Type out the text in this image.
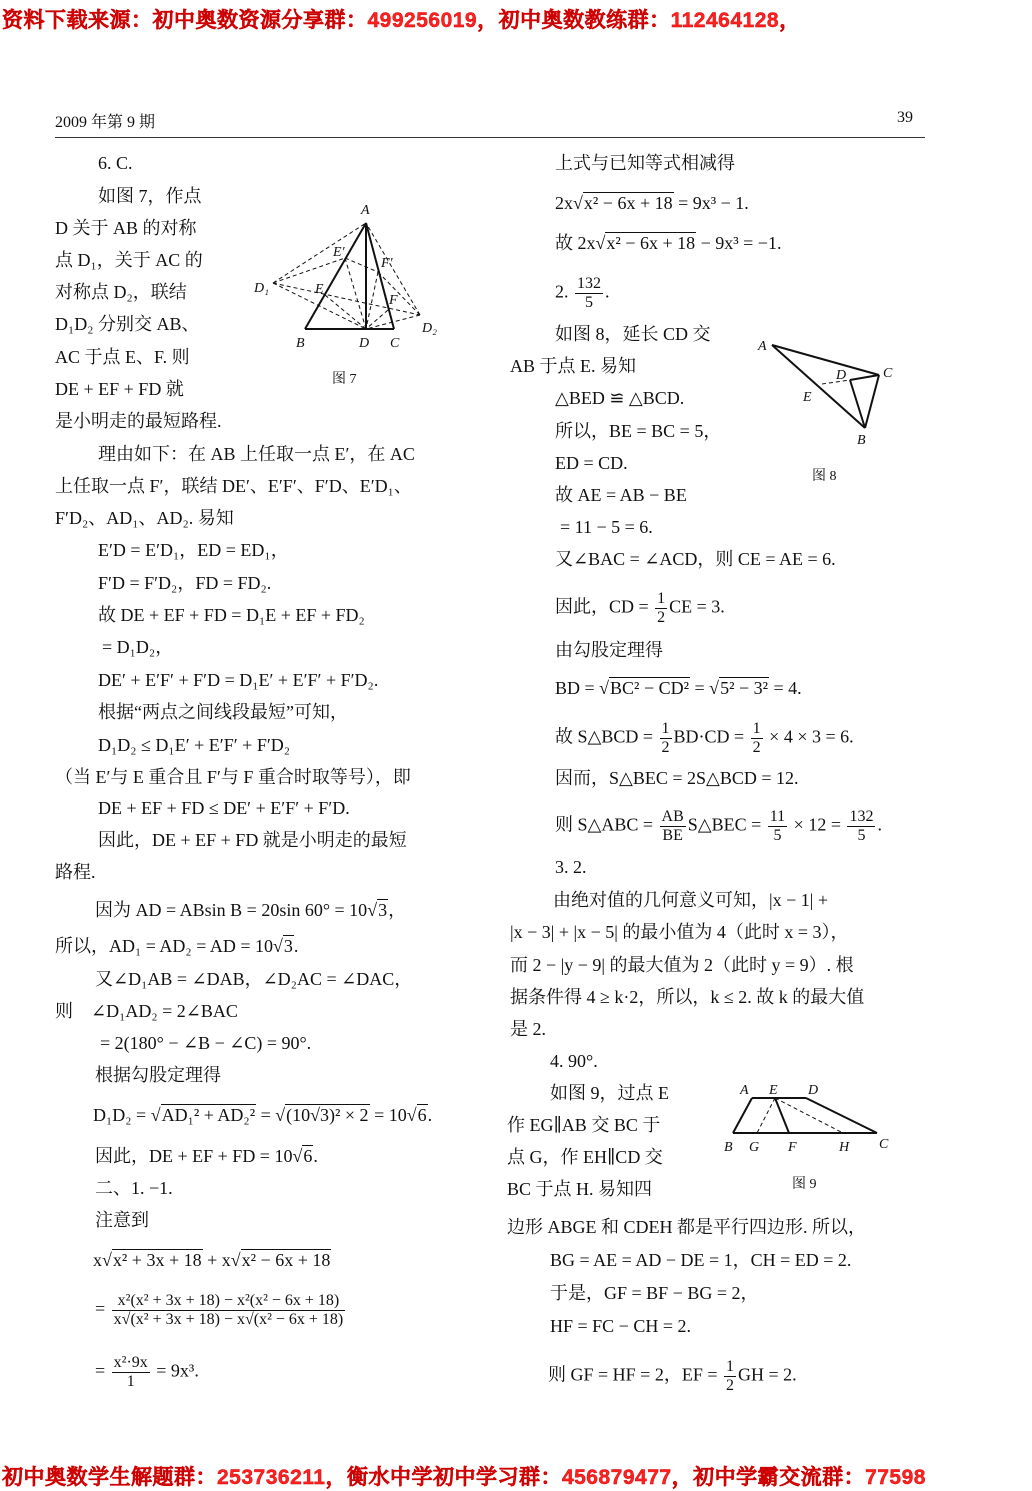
资料下载来源：初中奥数资源分享群：499256019，初中奥数教练群：112464128，
初中奥数学生解题群：253736211，衡水中学初中学习群：456879477，初中学霸交流群：77598
2009 年第 9 期	39
6. C.
如图 7，作点
D 关于 AB 的对称
点 D₁，关于 AC 的
对称点 D₂，联结
D₁D₂ 分别交 AB、
AC 于点 E、F. 则
DE + EF + FD 就
是小明走的最短路程.
理由如下：在 AB 上任取一点 E′，在 AC
上任取一点 F′，联结 DE′、E′F′、F′D、E′D₁、
F′D₂、AD₁、AD₂. 易知
E′D = E′D₁，ED = ED₁，
F′D = F′D₂，FD = FD₂.
故 DE + EF + FD = D₁E + EF + FD₂
= D₁D₂，
DE′ + E′F′ + F′D = D₁E′ + E′F′ + F′D₂.
根据“两点之间线段最短”可知，
D₁D₂ ≤ D₁E′ + E′F′ + F′D₂
（当 E′与 E 重合且 F′与 F 重合时取等号），即
DE + EF + FD ≤ DE′ + E′F′ + F′D.
因此，DE + EF + FD 就是小明走的最短
路程.
因为 AD = ABsin B = 20sin 60° = 10√3，
所以，AD₁ = AD₂ = AD = 10√3.
又∠D₁AB = ∠DAB，∠D₂AC = ∠DAC，
则　∠D₁AD₂ = 2∠BAC
= 2(180° − ∠B − ∠C) = 90°.
根据勾股定理得
D₁D₂ = √AD₁² + AD₂² = √(10√3)² × 2 = 10√6.
因此，DE + EF + FD = 10√6.
二、1. −1.
注意到
x√x² + 3x + 18 + x√x² − 6x + 18
= $\frac{\text{x²(x² + 3x + 18) − x²(x² − 6x + 18)}}{\text{x√(x² + 3x + 18) − x√(x² − 6x + 18)}}$
= $\frac{\text{x²·9x}}{1} = 9x^3$.
上式与已知等式相减得
2x√x² − 6x + 18 = 9x³ − 1.
故 2x√x² − 6x + 18 − 9x³ = −1.
2. $\frac{132}{5}$ .
如图 8，延长 CD 交
AB 于点 E. 易知
△BED ≌ △BCD.
所以，BE = BC = 5，
ED = CD.
故 AE = AB − BE
= 11 − 5 = 6.
又∠BAC = ∠ACD，则 CE = AE = 6.
因此，CD = $\frac{1}{2}$ CE = 3.
由勾股定理得
BD = √BC² − CD² = √5² − 3² = 4.
故 S△BCD = $\frac{1}{2} BD\cdot CD = \frac{1}{2} \times 4 \times 3 = 6$.
因而，S△BEC = 2S△BCD = 12.
则 S△ABC = $\frac{AB}{BE}$ S△BEC = $\frac{11}{5} \times 12 = \frac{132}{5}$ .
3. 2.
由绝对值的几何意义可知，|x − 1| +
|x − 3| + |x − 5| 的最小值为 4（此时 x = 3），
而 2 − |y − 9| 的最大值为 2（此时 y = 9）. 根
据条件得 4 ≥ k·2，所以，k ≤ 2. 故 k 的最大值
是 2.
4. 90°.
如图 9，过点 E
作 EG∥AB 交 BC 于
点 G，作 EH∥CD 交
BC 于点 H. 易知四
边形 ABGE 和 CDEH 都是平行四边形. 所以，
BG = AE = AD − DE = 1，CH = ED = 2.
于是，GF = BF − BG = 2，
HF = FC − CH = 2.
则 GF = HF = 2，EF = $\frac{1}{2}$ GH = 2.
图 7
图 8
图 9
A
B	C
D
D₁
D₂
E
F
E′
F′
A
C
D
E
B
A E D
B G F	H C
